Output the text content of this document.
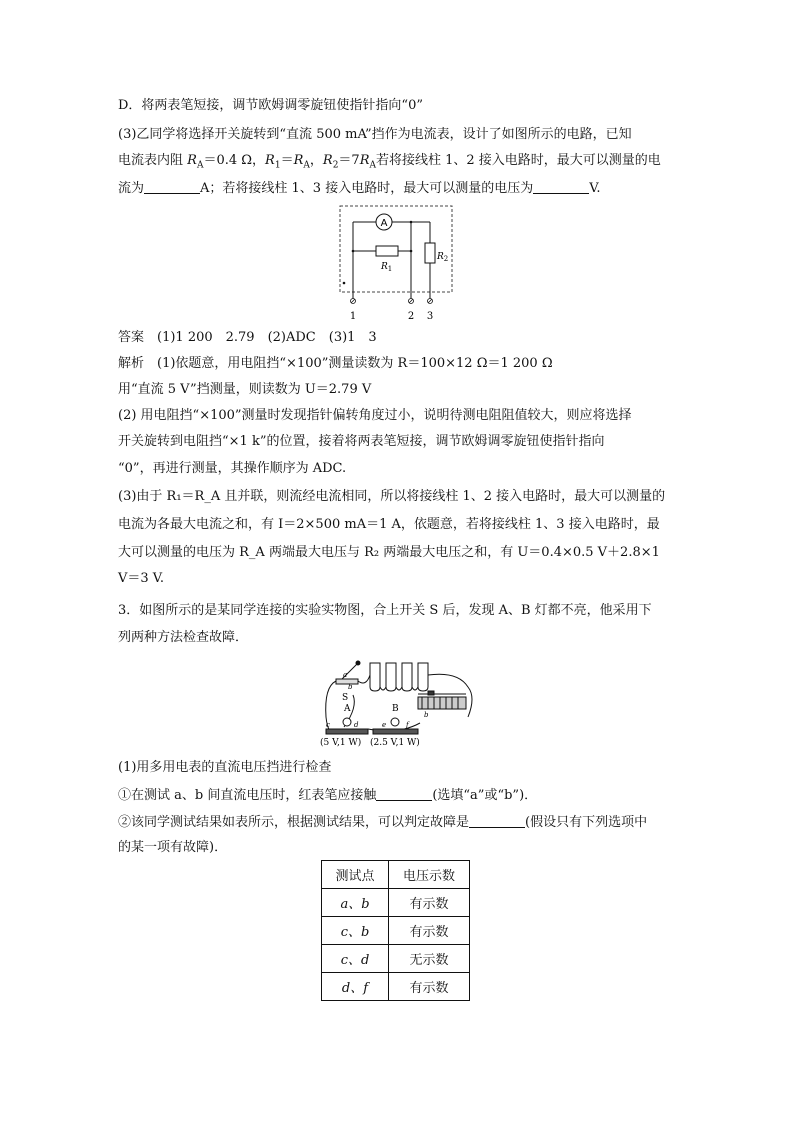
D．将两表笔短接，调节欧姆调零旋钮使指针指向“0”
(3)乙同学将选择开关旋转到“直流 500 mA”挡作为电流表，设计了如图所示的电路，已知
电流表内阻 $R_A=0.4$ Ω，$R_1=R_A$，$R_2=7R_A$若将接线柱 1、2 接入电路时，最大可以测量的电
流为	A；若将接线柱 1、3 接入电路时，最大可以测量的电压为	V.
A
$R_2$
$R_1$
1	2 3
答案　(1)1 200　2.79　(2)ADC　(3)1　3
解析　(1)依题意，用电阻挡“×100”测量读数为 R＝100×12 Ω＝1 200 Ω
用“直流 5 V”挡测量，则读数为 U＝2.79 V
(2) 用电阻挡“×100”测量时发现指针偏转角度过小，说明待测电阻阻值较大，则应将选择
开关旋转到电阻挡“×1 k”的位置，接着将两表笔短接，调节欧姆调零旋钮使指针指向
“0”，再进行测量，其操作顺序为 ADC.
(3)由于 R₁＝R_A 且并联，则流经电流相同，所以将接线柱 1、2 接入电路时，最大可以测量的
电流为各最大电流之和，有 I＝2×500 mA＝1 A，依题意，若将接线柱 1、3 接入电路时，最
大可以测量的电压为 R_A 两端最大电压与 R₂ 两端最大电压之和，有 U＝0.4×0.5 V＋2.8×1
V＝3 V.
3．如图所示的是某同学连接的实验实物图，合上开关 S 后，发现 A、B 灯都不亮，他采用下
列两种方法检查故障．
a
b
S
b
A
c	d
B
e	f
(5 V,1 W) (2.5 V,1 W)
(1)用多用电表的直流电压挡进行检查
①在测试 a、b 间直流电压时，红表笔应接触	(选填“a”或“b”)．
②该同学测试结果如表所示，根据测试结果，可以判定故障是	(假设只有下列选项中
的某一项有故障)．
测试点	电压示数
a、b	有示数
c、b	有示数
c、d	无示数
d、f	有示数
